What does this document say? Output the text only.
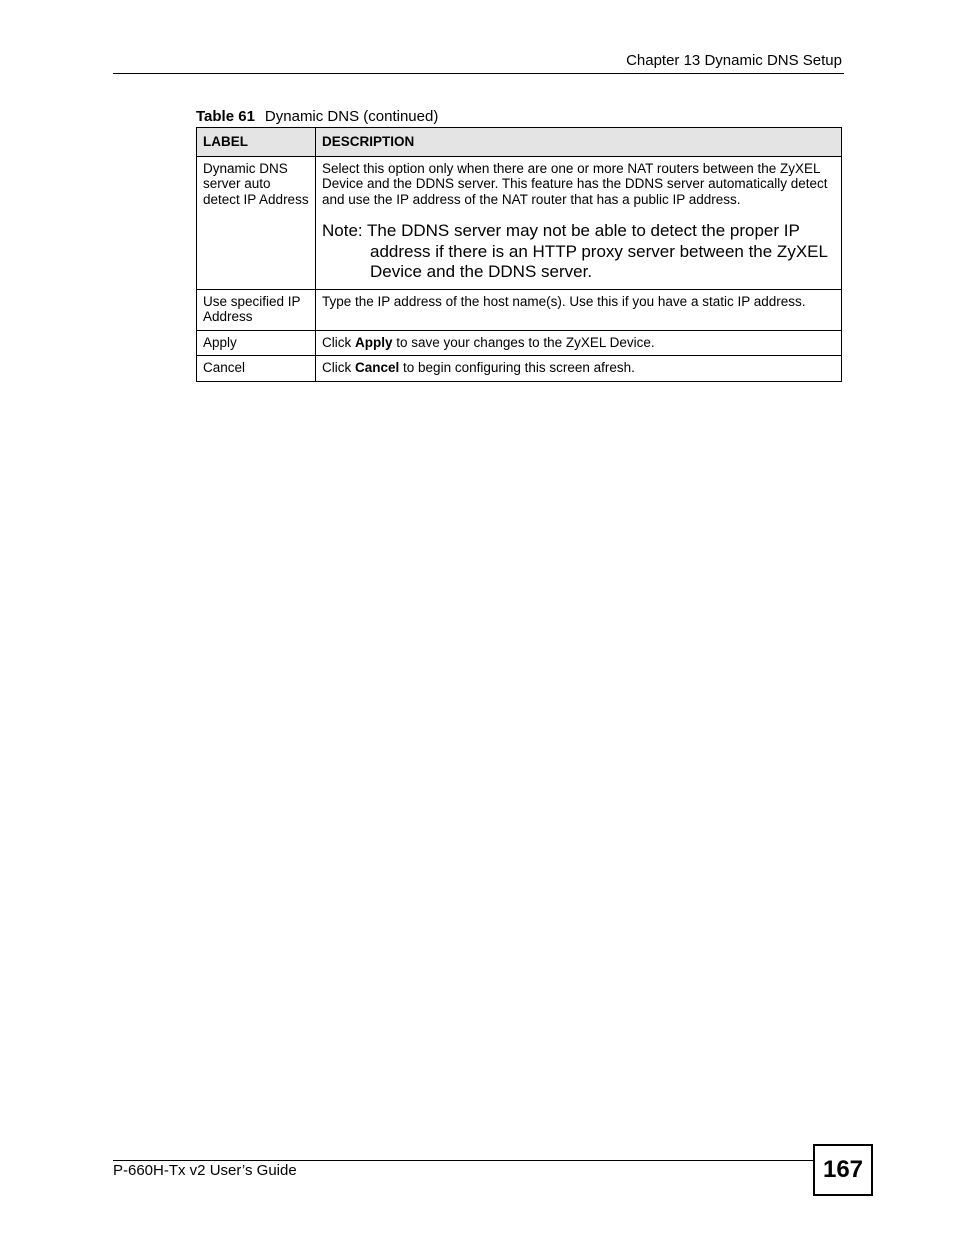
Chapter 13 Dynamic DNS Setup
Table 61 Dynamic DNS (continued)
LABEL	DESCRIPTION
Dynamic DNS server auto detect IP Address	Select this option only when there are one or more NAT routers between the ZyXEL Device and the DDNS server. This feature has the DDNS server automatically detect and use the IP address of the NAT router that has a public IP address.
Note: The DDNS server may not be able to detect the proper IP address if there is an HTTP proxy server between the ZyXEL Device and the DDNS server.

Use specified IP Address	Type the IP address of the host name(s). Use this if you have a static IP address.
Apply	Click Apply to save your changes to the ZyXEL Device.
Cancel	Click Cancel to begin configuring this screen afresh.
P-660H-Tx v2 User’s Guide	167
